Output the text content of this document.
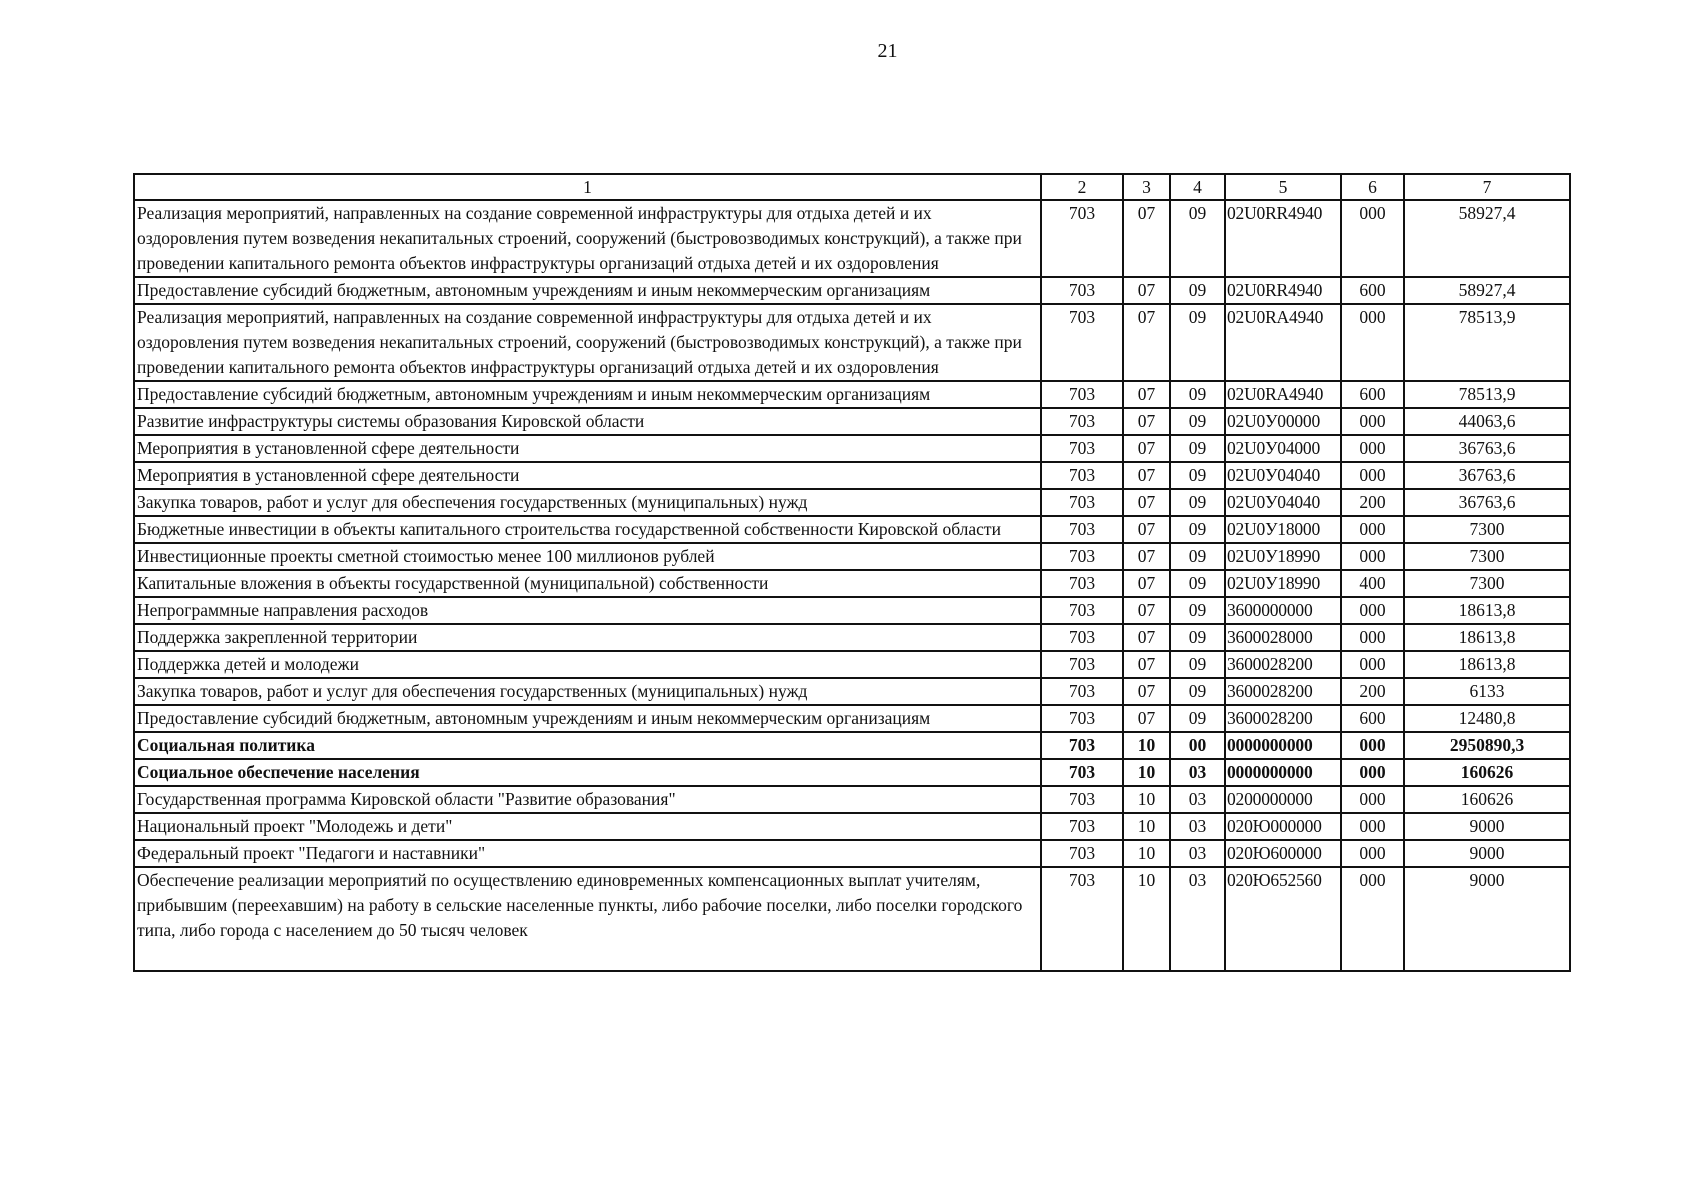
21
1	2	3	4	5	6	7
Реализация мероприятий, направленных на создание современной инфраструктуры для отдыха детей и их оздоровления путем возведения некапитальных строений, сооружений (быстровозводимых конструкций), а также при проведении капитального ремонта объектов инфраструктуры организаций отдыха детей и их оздоровления	703	07	09	02U0RR4940	000	58927,4
Предоставление субсидий бюджетным, автономным учреждениям и иным некоммерческим организациям	703	07	09	02U0RR4940	600	58927,4
Реализация мероприятий, направленных на создание современной инфраструктуры для отдыха детей и их оздоровления путем возведения некапитальных строений, сооружений (быстровозводимых конструкций), а также при проведении капитального ремонта объектов инфраструктуры организаций отдыха детей и их оздоровления	703	07	09	02U0RA4940	000	78513,9
Предоставление субсидий бюджетным, автономным учреждениям и иным некоммерческим организациям	703	07	09	02U0RA4940	600	78513,9
Развитие инфраструктуры системы образования Кировской области	703	07	09	02U0У00000	000	44063,6
Мероприятия в установленной сфере деятельности	703	07	09	02U0У04000	000	36763,6
Мероприятия в установленной сфере деятельности	703	07	09	02U0У04040	000	36763,6
Закупка товаров, работ и услуг для обеспечения государственных (муниципальных) нужд	703	07	09	02U0У04040	200	36763,6
Бюджетные инвестиции в объекты капитального строительства государственной собственности Кировской области	703	07	09	02U0У18000	000	7300
Инвестиционные проекты сметной стоимостью менее 100 миллионов рублей	703	07	09	02U0У18990	000	7300
Капитальные вложения в объекты государственной (муниципальной) собственности	703	07	09	02U0У18990	400	7300
Непрограммные направления расходов	703	07	09	3600000000	000	18613,8
Поддержка закрепленной территории	703	07	09	3600028000	000	18613,8
Поддержка детей и молодежи	703	07	09	3600028200	000	18613,8
Закупка товаров, работ и услуг для обеспечения государственных (муниципальных) нужд	703	07	09	3600028200	200	6133
Предоставление субсидий бюджетным, автономным учреждениям и иным некоммерческим организациям	703	07	09	3600028200	600	12480,8
Социальная политика	703	10	00	0000000000	000	2950890,3
Социальное обеспечение населения	703	10	03	0000000000	000	160626
Государственная программа Кировской области "Развитие образования"	703	10	03	0200000000	000	160626
Национальный проект "Молодежь и дети"	703	10	03	020Ю000000	000	9000
Федеральный проект "Педагоги и наставники"	703	10	03	020Ю600000	000	9000
Обеспечение реализации мероприятий по осуществлению единовременных компенсационных выплат учителям, прибывшим (переехавшим) на работу в сельские населенные пункты, либо рабочие поселки, либо поселки городского типа, либо города с населением до 50 тысяч человек	703	10	03	020Ю652560	000	9000
